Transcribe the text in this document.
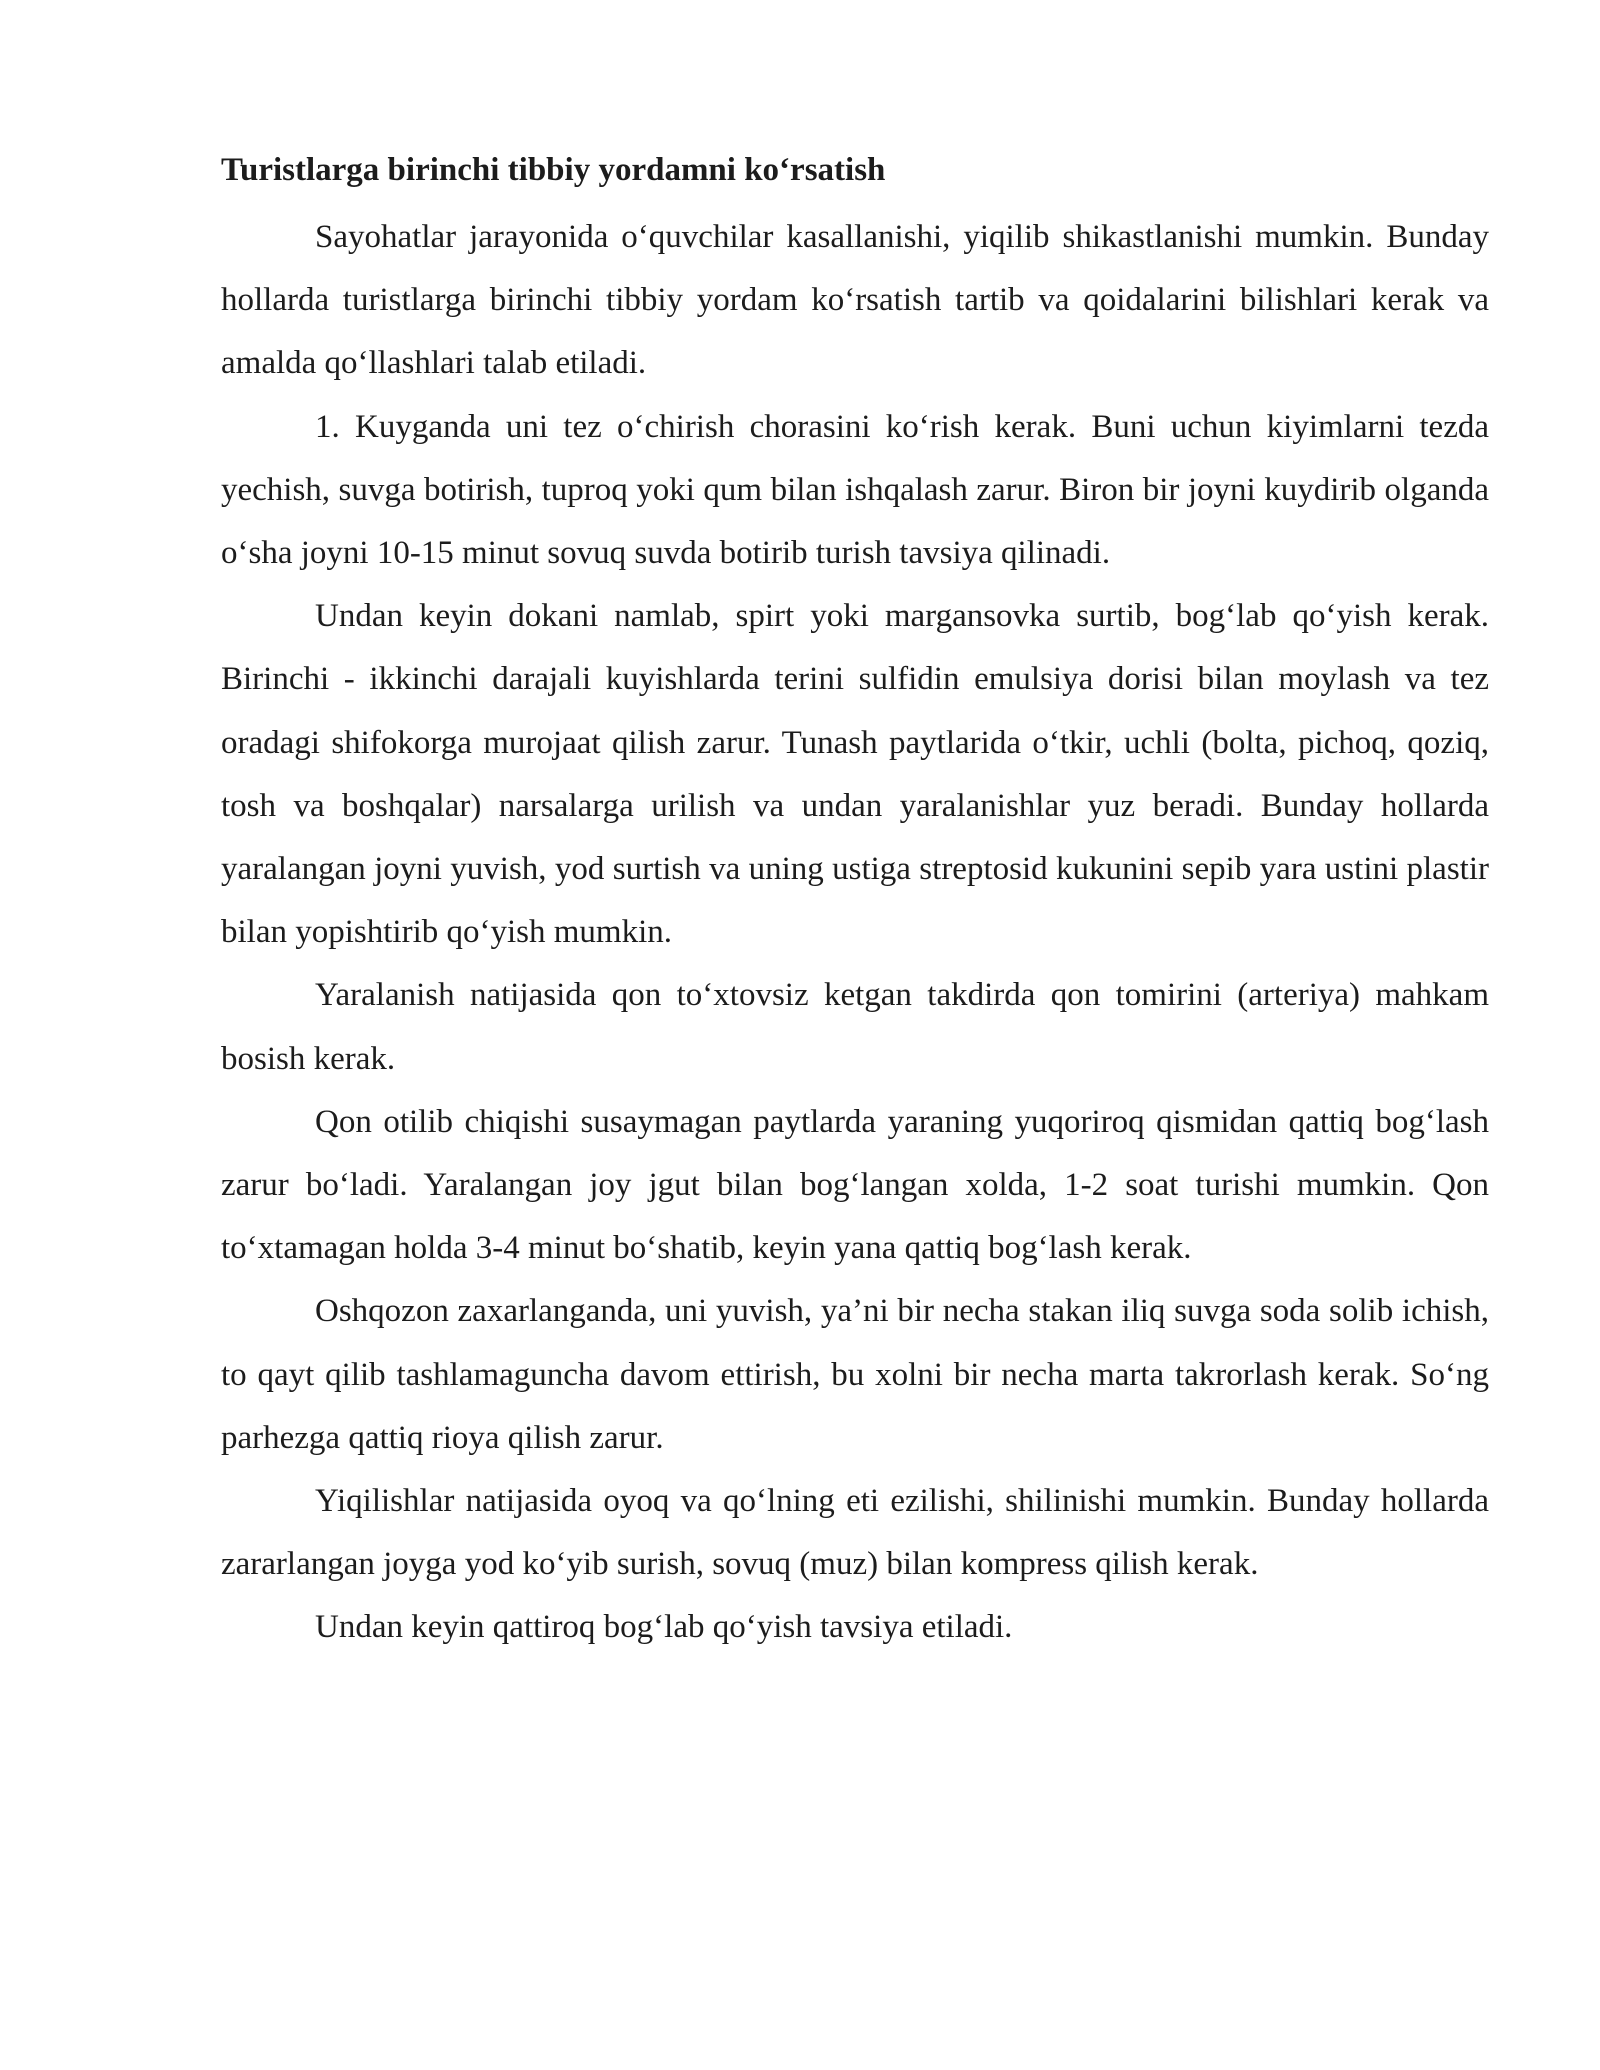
Turistlarga birinchi tibbiy yordamni ko‘rsatish

Sayohatlar jarayonida o‘quvchilar kasallanishi, yiqilib shikastlanishi mumkin. Bunday hollarda turistlarga birinchi tibbiy yordam ko‘rsatish tartib va qoidalarini bilishlari kerak va amalda qo‘llashlari talab etiladi.

1. Kuyganda uni tez o‘chirish chorasini ko‘rish kerak. Buni uchun kiyimlarni tezda yechish, suvga botirish, tuproq yoki qum bilan ishqalash zarur. Biron bir joyni kuydirib olganda o‘sha joyni 10-15 minut sovuq suvda botirib turish tavsiya qilinadi.

Undan keyin dokani namlab, spirt yoki margansovka surtib, bog‘lab qo‘yish kerak. Birinchi - ikkinchi darajali kuyishlarda terini sulfidin emulsiya dorisi bilan moylash va tez oradagi shifokorga murojaat qilish zarur. Tunash paytlarida o‘tkir, uchli (bolta, pichoq, qoziq, tosh va boshqalar) narsalarga urilish va undan yaralanishlar yuz beradi. Bunday hollarda yaralangan joyni yuvish, yod surtish va uning ustiga streptosid kukunini sepib yara ustini plastir bilan yopishtirib qo‘yish mumkin.

Yaralanish natijasida qon to‘xtovsiz ketgan takdirda qon tomirini (arteriya) mahkam bosish kerak.

Qon otilib chiqishi susaymagan paytlarda yaraning yuqoriroq qismidan qattiq bog‘lash zarur bo‘ladi. Yaralangan joy jgut bilan bog‘langan xolda, 1-2 soat turishi mumkin. Qon to‘xtamagan holda 3-4 minut bo‘shatib, keyin yana qattiq bog‘lash kerak.

Oshqozon zaxarlanganda, uni yuvish, ya’ni bir necha stakan iliq suvga soda solib ichish, to qayt qilib tashlamaguncha davom ettirish, bu xolni bir necha marta takrorlash kerak. So‘ng parhezga qattiq rioya qilish zarur.

Yiqilishlar natijasida oyoq va qo‘lning eti ezilishi, shilinishi mumkin. Bunday hollarda zararlangan joyga yod ko‘yib surish, sovuq (muz) bilan kompress qilish kerak.

Undan keyin qattiroq bog‘lab qo‘yish tavsiya etiladi.
